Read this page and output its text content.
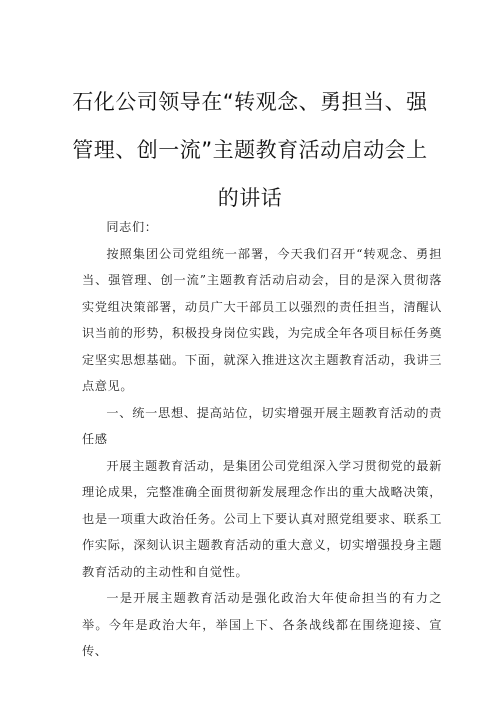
石化公司领导在“转观念、勇担当、强
管理、创一流”主题教育活动启动会上
的讲话

同志们：

按照集团公司党组统一部署，今天我们召开“转观念、勇担当、强管理、创一流”主题教育活动启动会，目的是深入贯彻落实党组决策部署，动员广大干部员工以强烈的责任担当，清醒认识当前的形势，积极投身岗位实践，为完成全年各项目标任务奠定坚实思想基础。下面，就深入推进这次主题教育活动，我讲三点意见。

一、统一思想、提高站位，切实增强开展主题教育活动的责任感

开展主题教育活动，是集团公司党组深入学习贯彻党的最新理论成果，完整准确全面贯彻新发展理念作出的重大战略决策，也是一项重大政治任务。公司上下要认真对照党组要求、联系工作实际，深刻认识主题教育活动的重大意义，切实增强投身主题教育活动的主动性和自觉性。

一是开展主题教育活动是强化政治大年使命担当的有力之举。今年是政治大年，举国上下、各条战线都在围绕迎接、宣传、
